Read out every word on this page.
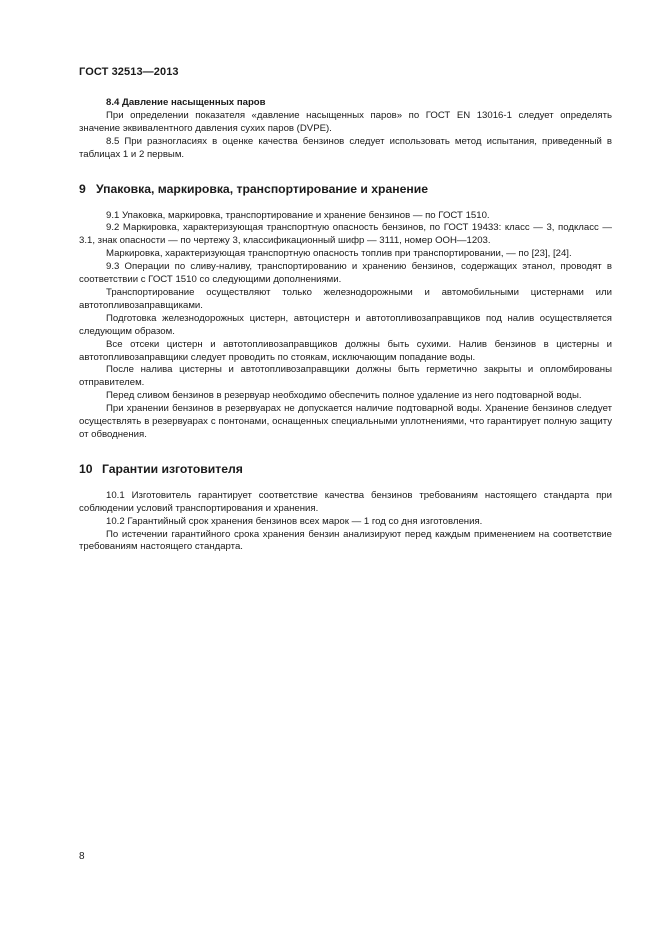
ГОСТ 32513—2013

8.4 Давление насыщенных паров

При определении показателя «давление насыщенных паров» по ГОСТ EN 13016-1 следует определять значение эквивалентного давления сухих паров (DVPE).

8.5 При разногласиях в оценке качества бензинов следует использовать метод испытания, приведенный в таблицах 1 и 2 первым.

9 Упаковка, маркировка, транспортирование и хранение

9.1 Упаковка, маркировка, транспортирование и хранение бензинов — по ГОСТ 1510.

9.2 Маркировка, характеризующая транспортную опасность бензинов, по ГОСТ 19433: класс — 3, подкласс — 3.1, знак опасности — по чертежу 3, классификационный шифр — 3111, номер ООН—1203.

Маркировка, характеризующая транспортную опасность топлив при транспортировании, — по [23], [24].

9.3 Операции по сливу-наливу, транспортированию и хранению бензинов, содержащих этанол, проводят в соответствии с ГОСТ 1510 со следующими дополнениями.

Транспортирование осуществляют только железнодорожными и автомобильными цистернами или автотопливозаправщиками.

Подготовка железнодорожных цистерн, автоцистерн и автотопливозаправщиков под налив осуществляется следующим образом.

Все отсеки цистерн и автотопливозаправщиков должны быть сухими. Налив бензинов в цистерны и автотопливозаправщики следует проводить по стоякам, исключающим попадание воды.

После налива цистерны и автотопливозаправщики должны быть герметично закрыты и опломбированы отправителем.

Перед сливом бензинов в резервуар необходимо обеспечить полное удаление из него подтоварной воды.

При хранении бензинов в резервуарах не допускается наличие подтоварной воды. Хранение бензинов следует осуществлять в резервуарах с понтонами, оснащенных специальными уплотнениями, что гарантирует полную защиту от обводнения.

10 Гарантии изготовителя

10.1 Изготовитель гарантирует соответствие качества бензинов требованиям настоящего стандарта при соблюдении условий транспортирования и хранения.

10.2 Гарантийный срок хранения бензинов всех марок — 1 год со дня изготовления.

По истечении гарантийного срока хранения бензин анализируют перед каждым применением на соответствие требованиям настоящего стандарта.

8
